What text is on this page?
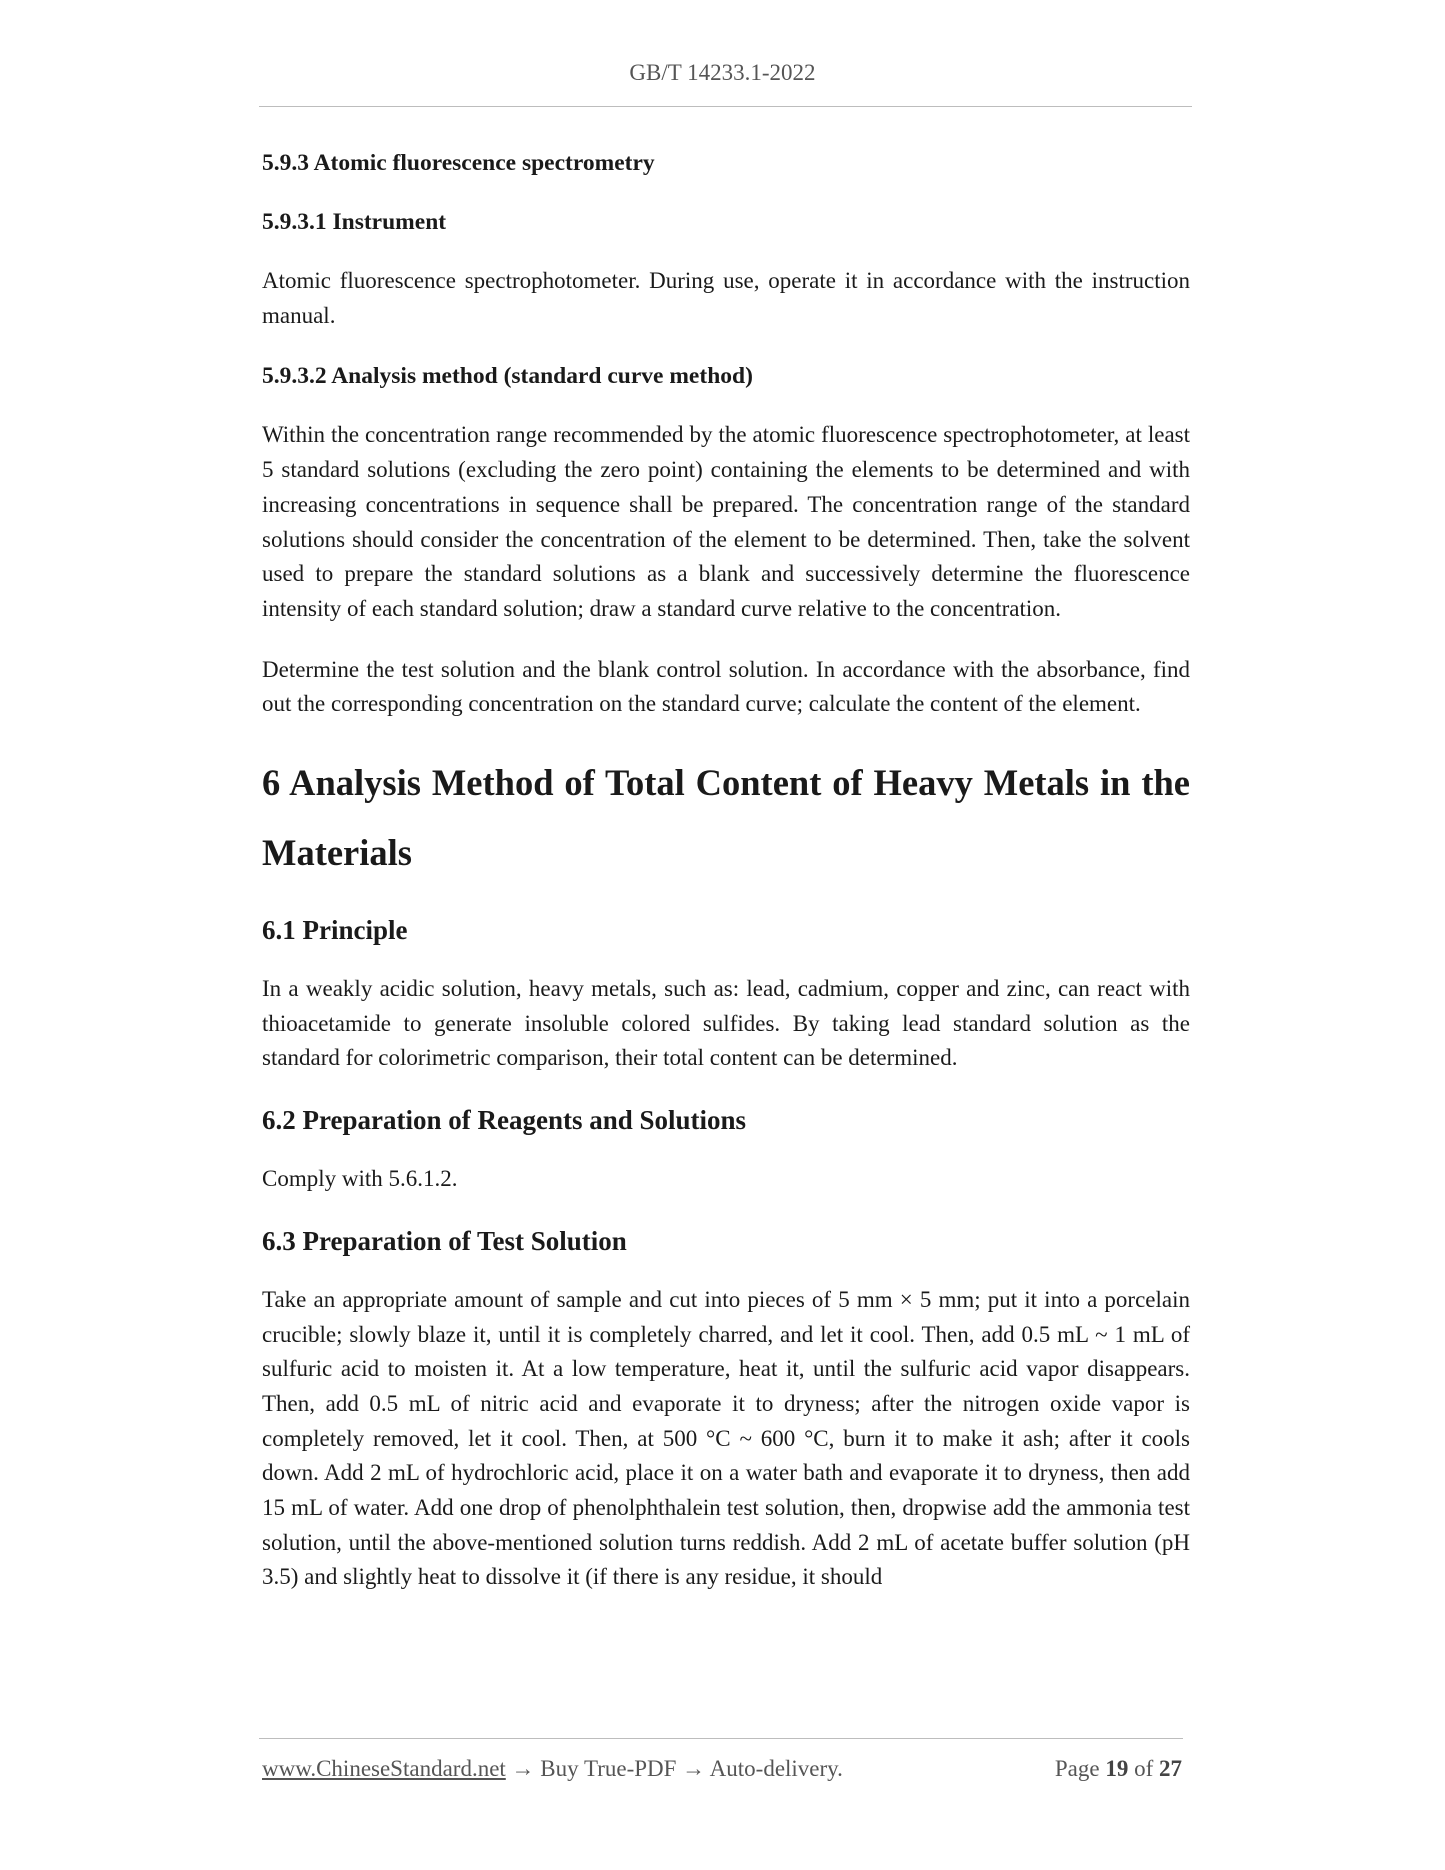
GB/T 14233.1-2022
5.9.3 Atomic fluorescence spectrometry
5.9.3.1 Instrument
Atomic fluorescence spectrophotometer. During use, operate it in accordance with the instruction manual.
5.9.3.2 Analysis method (standard curve method)
Within the concentration range recommended by the atomic fluorescence spectrophotometer, at least 5 standard solutions (excluding the zero point) containing the elements to be determined and with increasing concentrations in sequence shall be prepared. The concentration range of the standard solutions should consider the concentration of the element to be determined. Then, take the solvent used to prepare the standard solutions as a blank and successively determine the fluorescence intensity of each standard solution; draw a standard curve relative to the concentration.
Determine the test solution and the blank control solution. In accordance with the absorbance, find out the corresponding concentration on the standard curve; calculate the content of the element.
6 Analysis Method of Total Content of Heavy Metals in the Materials
6.1 Principle
In a weakly acidic solution, heavy metals, such as: lead, cadmium, copper and zinc, can react with thioacetamide to generate insoluble colored sulfides. By taking lead standard solution as the standard for colorimetric comparison, their total content can be determined.
6.2 Preparation of Reagents and Solutions
Comply with 5.6.1.2.
6.3 Preparation of Test Solution
Take an appropriate amount of sample and cut into pieces of 5 mm × 5 mm; put it into a porcelain crucible; slowly blaze it, until it is completely charred, and let it cool. Then, add 0.5 mL ~ 1 mL of sulfuric acid to moisten it. At a low temperature, heat it, until the sulfuric acid vapor disappears. Then, add 0.5 mL of nitric acid and evaporate it to dryness; after the nitrogen oxide vapor is completely removed, let it cool. Then, at 500 °C ~ 600 °C, burn it to make it ash; after it cools down. Add 2 mL of hydrochloric acid, place it on a water bath and evaporate it to dryness, then add 15 mL of water. Add one drop of phenolphthalein test solution, then, dropwise add the ammonia test solution, until the above-mentioned solution turns reddish. Add 2 mL of acetate buffer solution (pH 3.5) and slightly heat to dissolve it (if there is any residue, it should
www.ChineseStandard.net → Buy True-PDF → Auto-delivery.	Page 19 of 27
